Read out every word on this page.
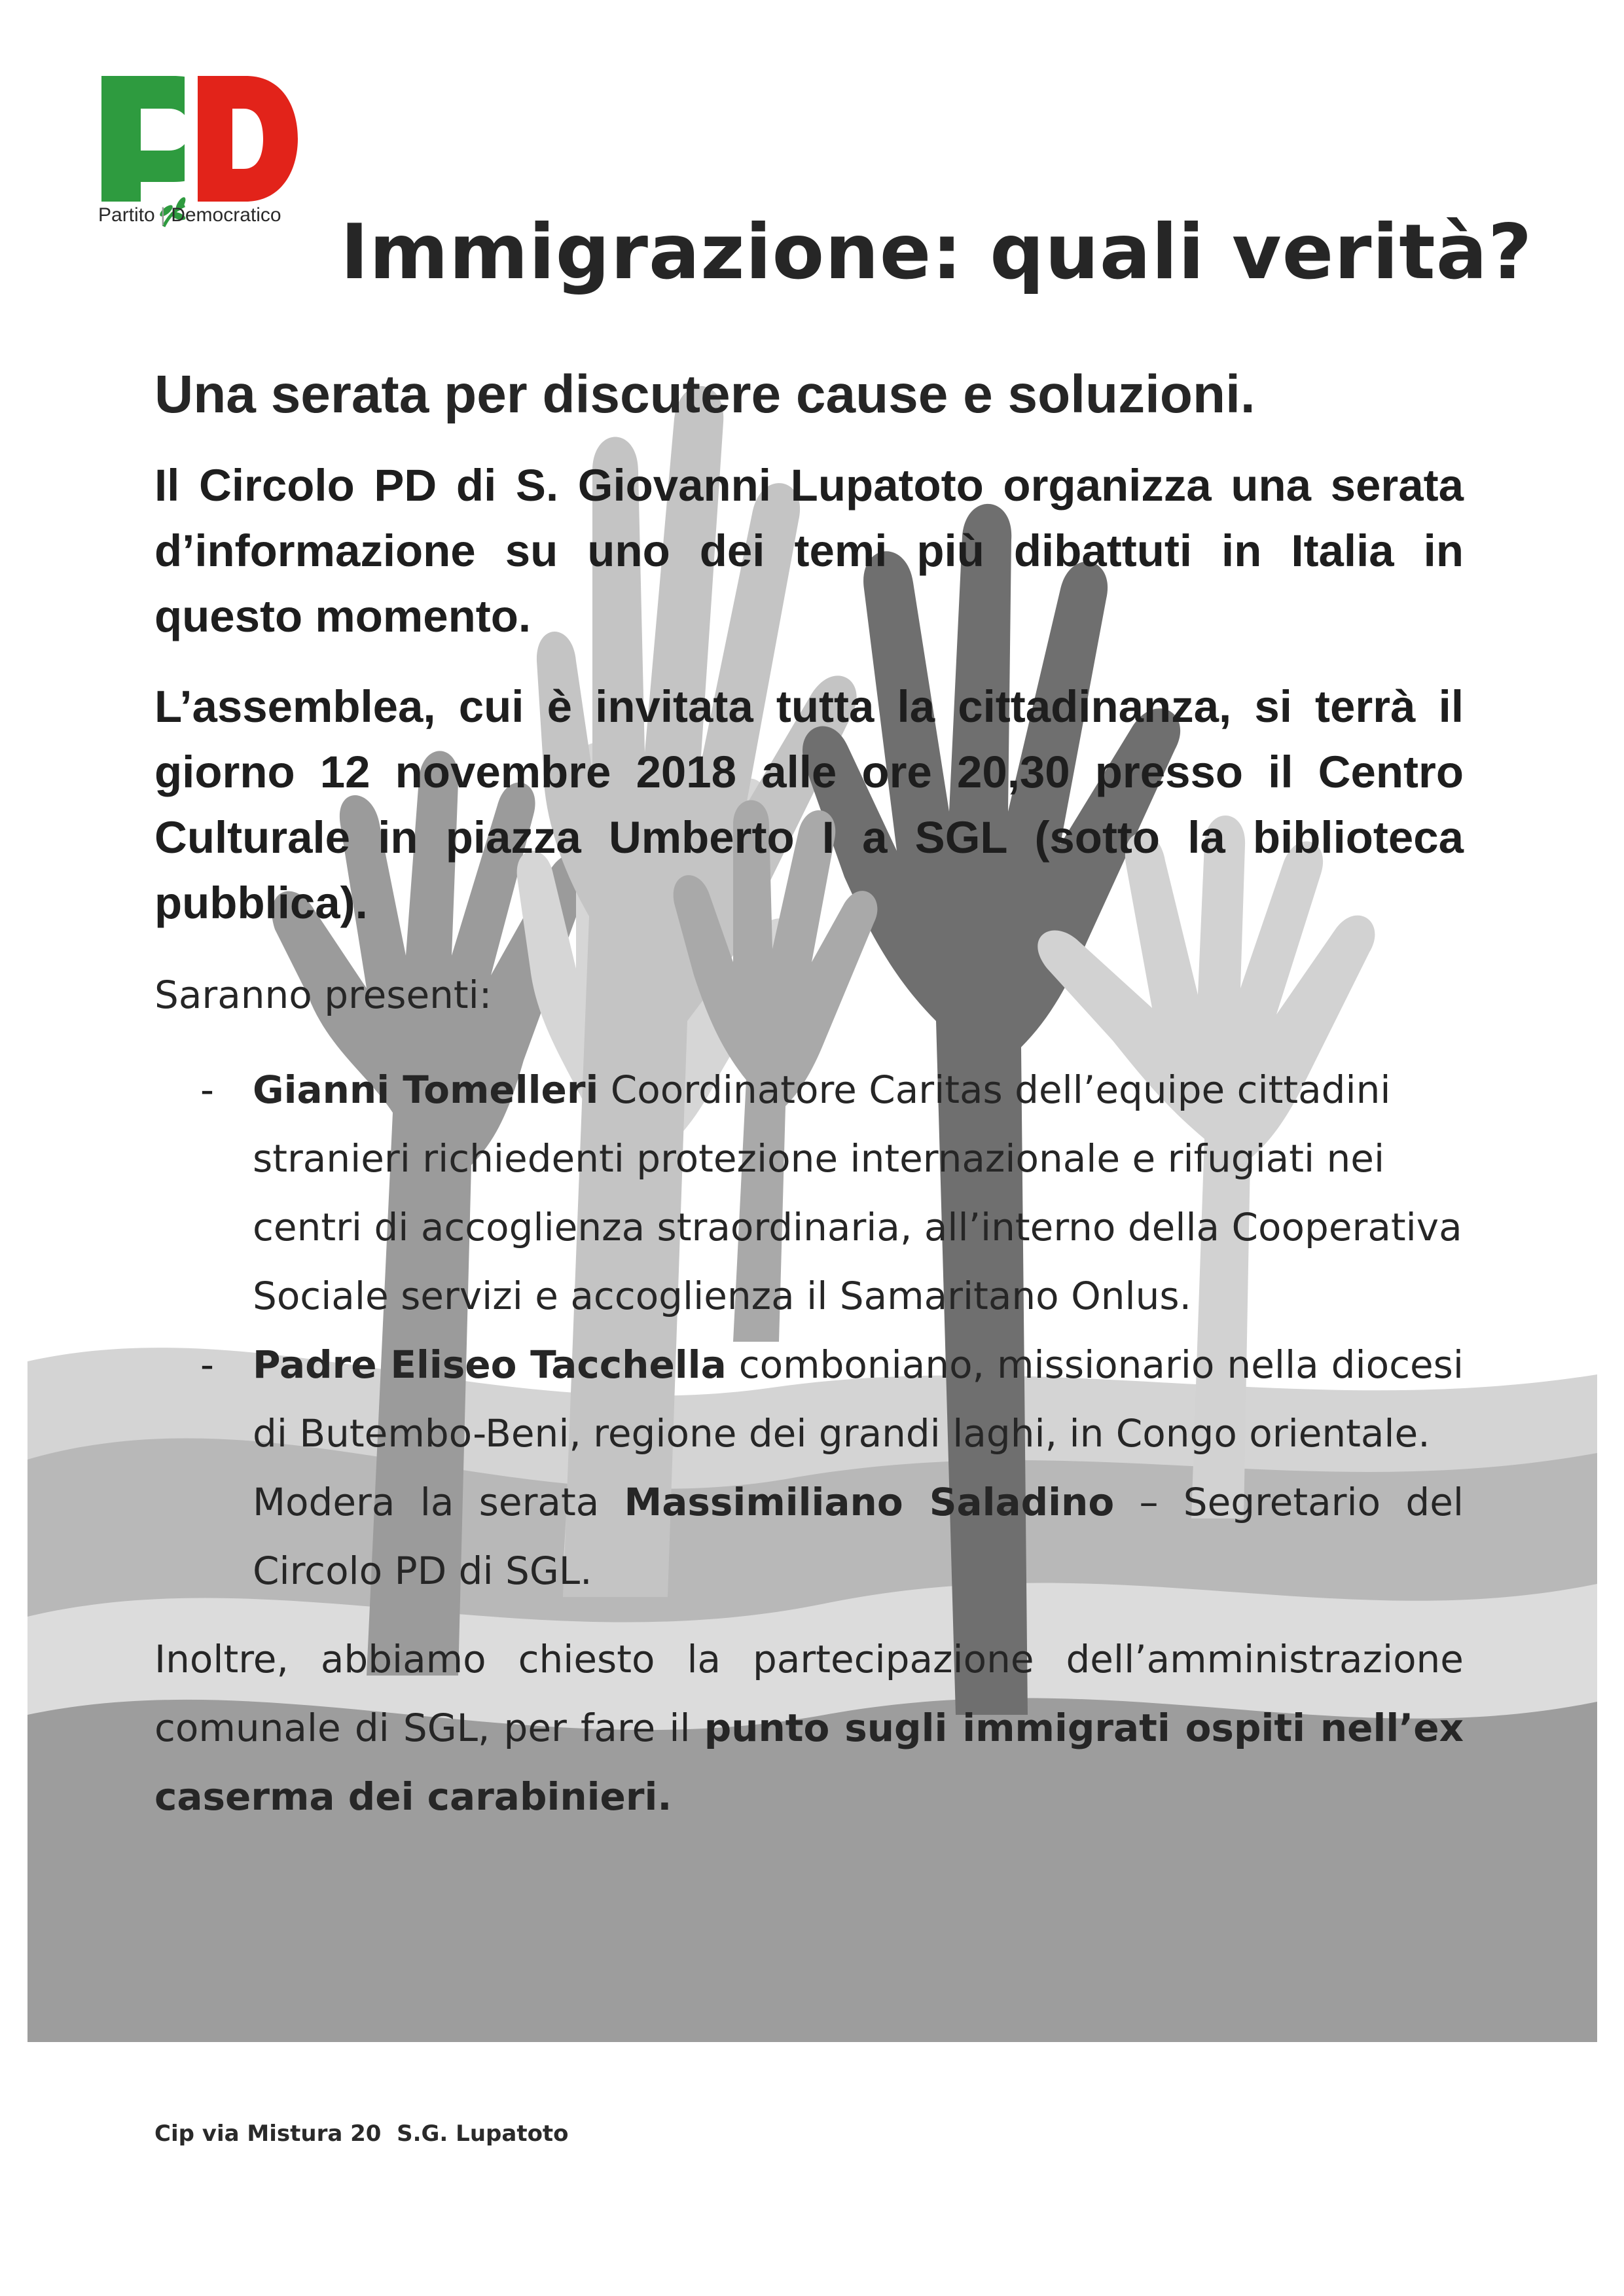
Partito | Democratico Immigrazione: quali verità?
Una serata per discutere cause e soluzioni.
Il Circolo PD di S. Giovanni Lupatoto organizza una serata d’informazione su uno dei temi più dibattuti in Italia in questo momento.
L’assemblea, cui è invitata tutta la cittadinanza, si terrà il giorno 12 novembre 2018 alle ore 20,30 presso il Centro Culturale in piazza Umberto I a SGL (sotto la biblioteca pubblica).

Saranno presenti:

- Gianni Tomelleri Coordinatore Caritas dell’equipe cittadini stranieri richiedenti protezione internazionale e rifugiati nei centri di accoglienza straordinaria, all’interno della Cooperativa Sociale servizi e accoglienza il Samaritano Onlus.

- Padre Eliseo Tacchella comboniano, missionario nella diocesi di Butembo-Beni, regione dei grandi laghi, in Congo orientale.

Modera la serata Massimiliano Saladino – Segretario del Circolo PD di SGL.

Inoltre, abbiamo chiesto la partecipazione dell’amministrazione comunale di SGL, per fare il punto sugli immigrati ospiti nell’ex caserma dei carabinieri.

Cip via Mistura 20  S.G. Lupatoto
